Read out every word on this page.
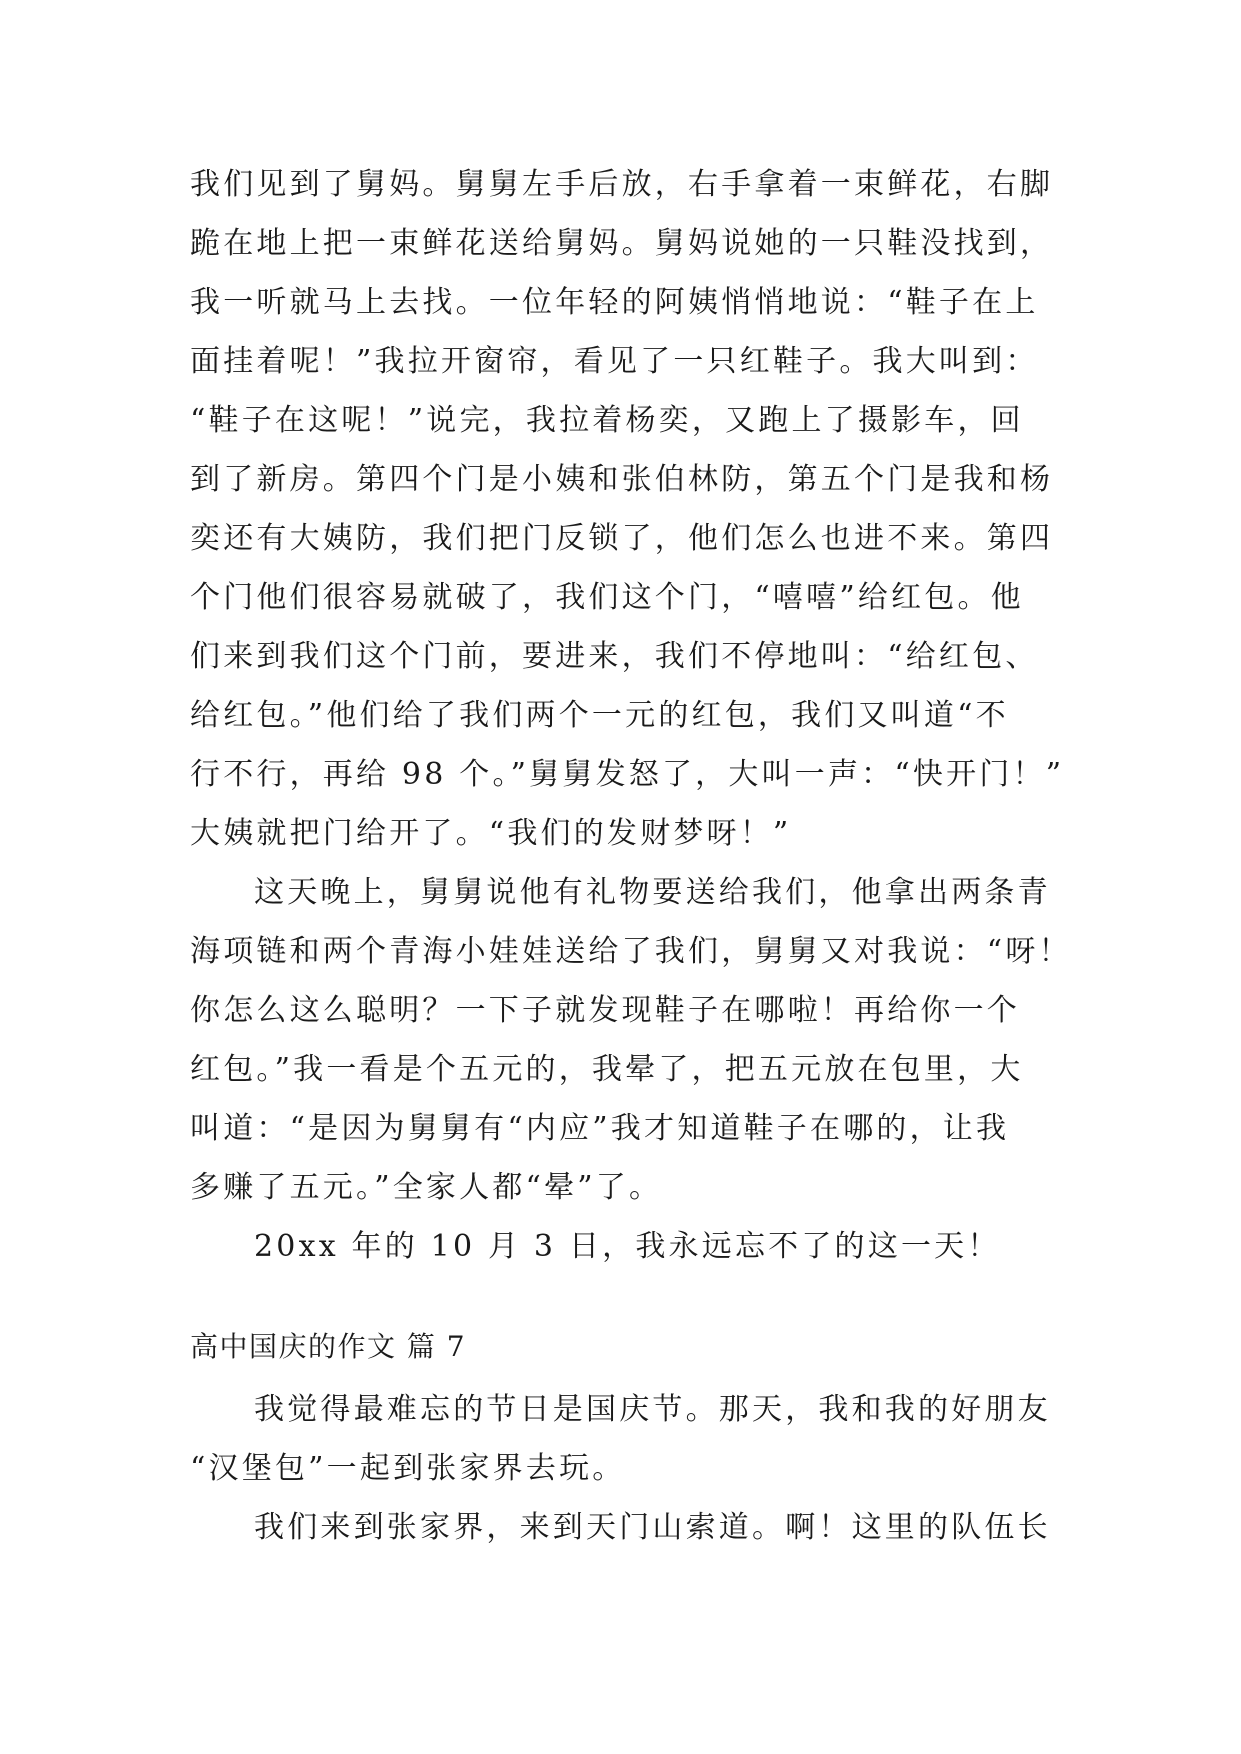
我们见到了舅妈。舅舅左手后放，右手拿着一束鲜花，右脚
跪在地上把一束鲜花送给舅妈。舅妈说她的一只鞋没找到，
我一听就马上去找。一位年轻的阿姨悄悄地说：“鞋子在上
面挂着呢！”我拉开窗帘，看见了一只红鞋子。我大叫到：
“鞋子在这呢！”说完，我拉着杨奕，又跑上了摄影车，回
到了新房。第四个门是小姨和张伯林防，第五个门是我和杨
奕还有大姨防，我们把门反锁了，他们怎么也进不来。第四
个门他们很容易就破了，我们这个门，“嘻嘻”给红包。他
们来到我们这个门前，要进来，我们不停地叫：“给红包、
给红包。”他们给了我们两个一元的红包，我们又叫道“不
行不行，再给 98 个。”舅舅发怒了，大叫一声：“快开门！”
大姨就把门给开了。“我们的发财梦呀！”
这天晚上，舅舅说他有礼物要送给我们，他拿出两条青
海项链和两个青海小娃娃送给了我们，舅舅又对我说：“呀！
你怎么这么聪明？一下子就发现鞋子在哪啦！再给你一个
红包。”我一看是个五元的，我晕了，把五元放在包里，大
叫道：“是因为舅舅有“内应”我才知道鞋子在哪的，让我
多赚了五元。”全家人都“晕”了。
20xx 年的 10 月 3 日，我永远忘不了的这一天！
高中国庆的作文 篇 7
我觉得最难忘的节日是国庆节。那天，我和我的好朋友
“汉堡包”一起到张家界去玩。
我们来到张家界，来到天门山索道。啊！这里的队伍长
